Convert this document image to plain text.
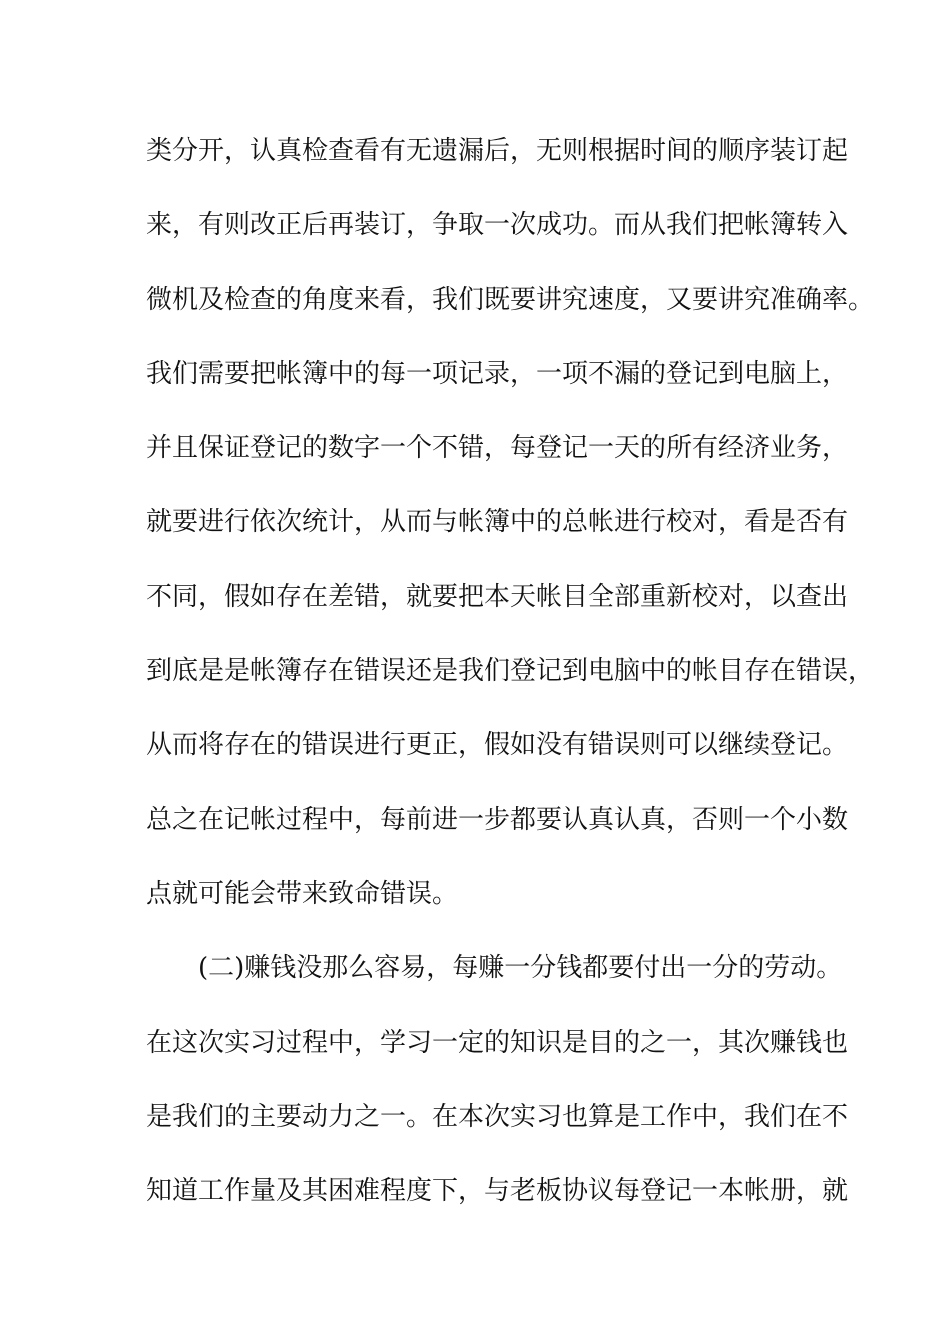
类分开，认真检查看有无遗漏后，无则根据时间的顺序装订起
来，有则改正后再装订，争取一次成功。而从我们把帐簿转入
微机及检查的角度来看，我们既要讲究速度，又要讲究准确率。
我们需要把帐簿中的每一项记录，一项不漏的登记到电脑上，
并且保证登记的数字一个不错，每登记一天的所有经济业务，
就要进行依次统计，从而与帐簿中的总帐进行校对，看是否有
不同，假如存在差错，就要把本天帐目全部重新校对，以查出
到底是是帐簿存在错误还是我们登记到电脑中的帐目存在错误，
从而将存在的错误进行更正，假如没有错误则可以继续登记。
总之在记帐过程中，每前进一步都要认真认真，否则一个小数
点就可能会带来致命错误。
(二)赚钱没那么容易，每赚一分钱都要付出一分的劳动。
在这次实习过程中，学习一定的知识是目的之一，其次赚钱也
是我们的主要动力之一。在本次实习也算是工作中，我们在不
知道工作量及其困难程度下，与老板协议每登记一本帐册，就
